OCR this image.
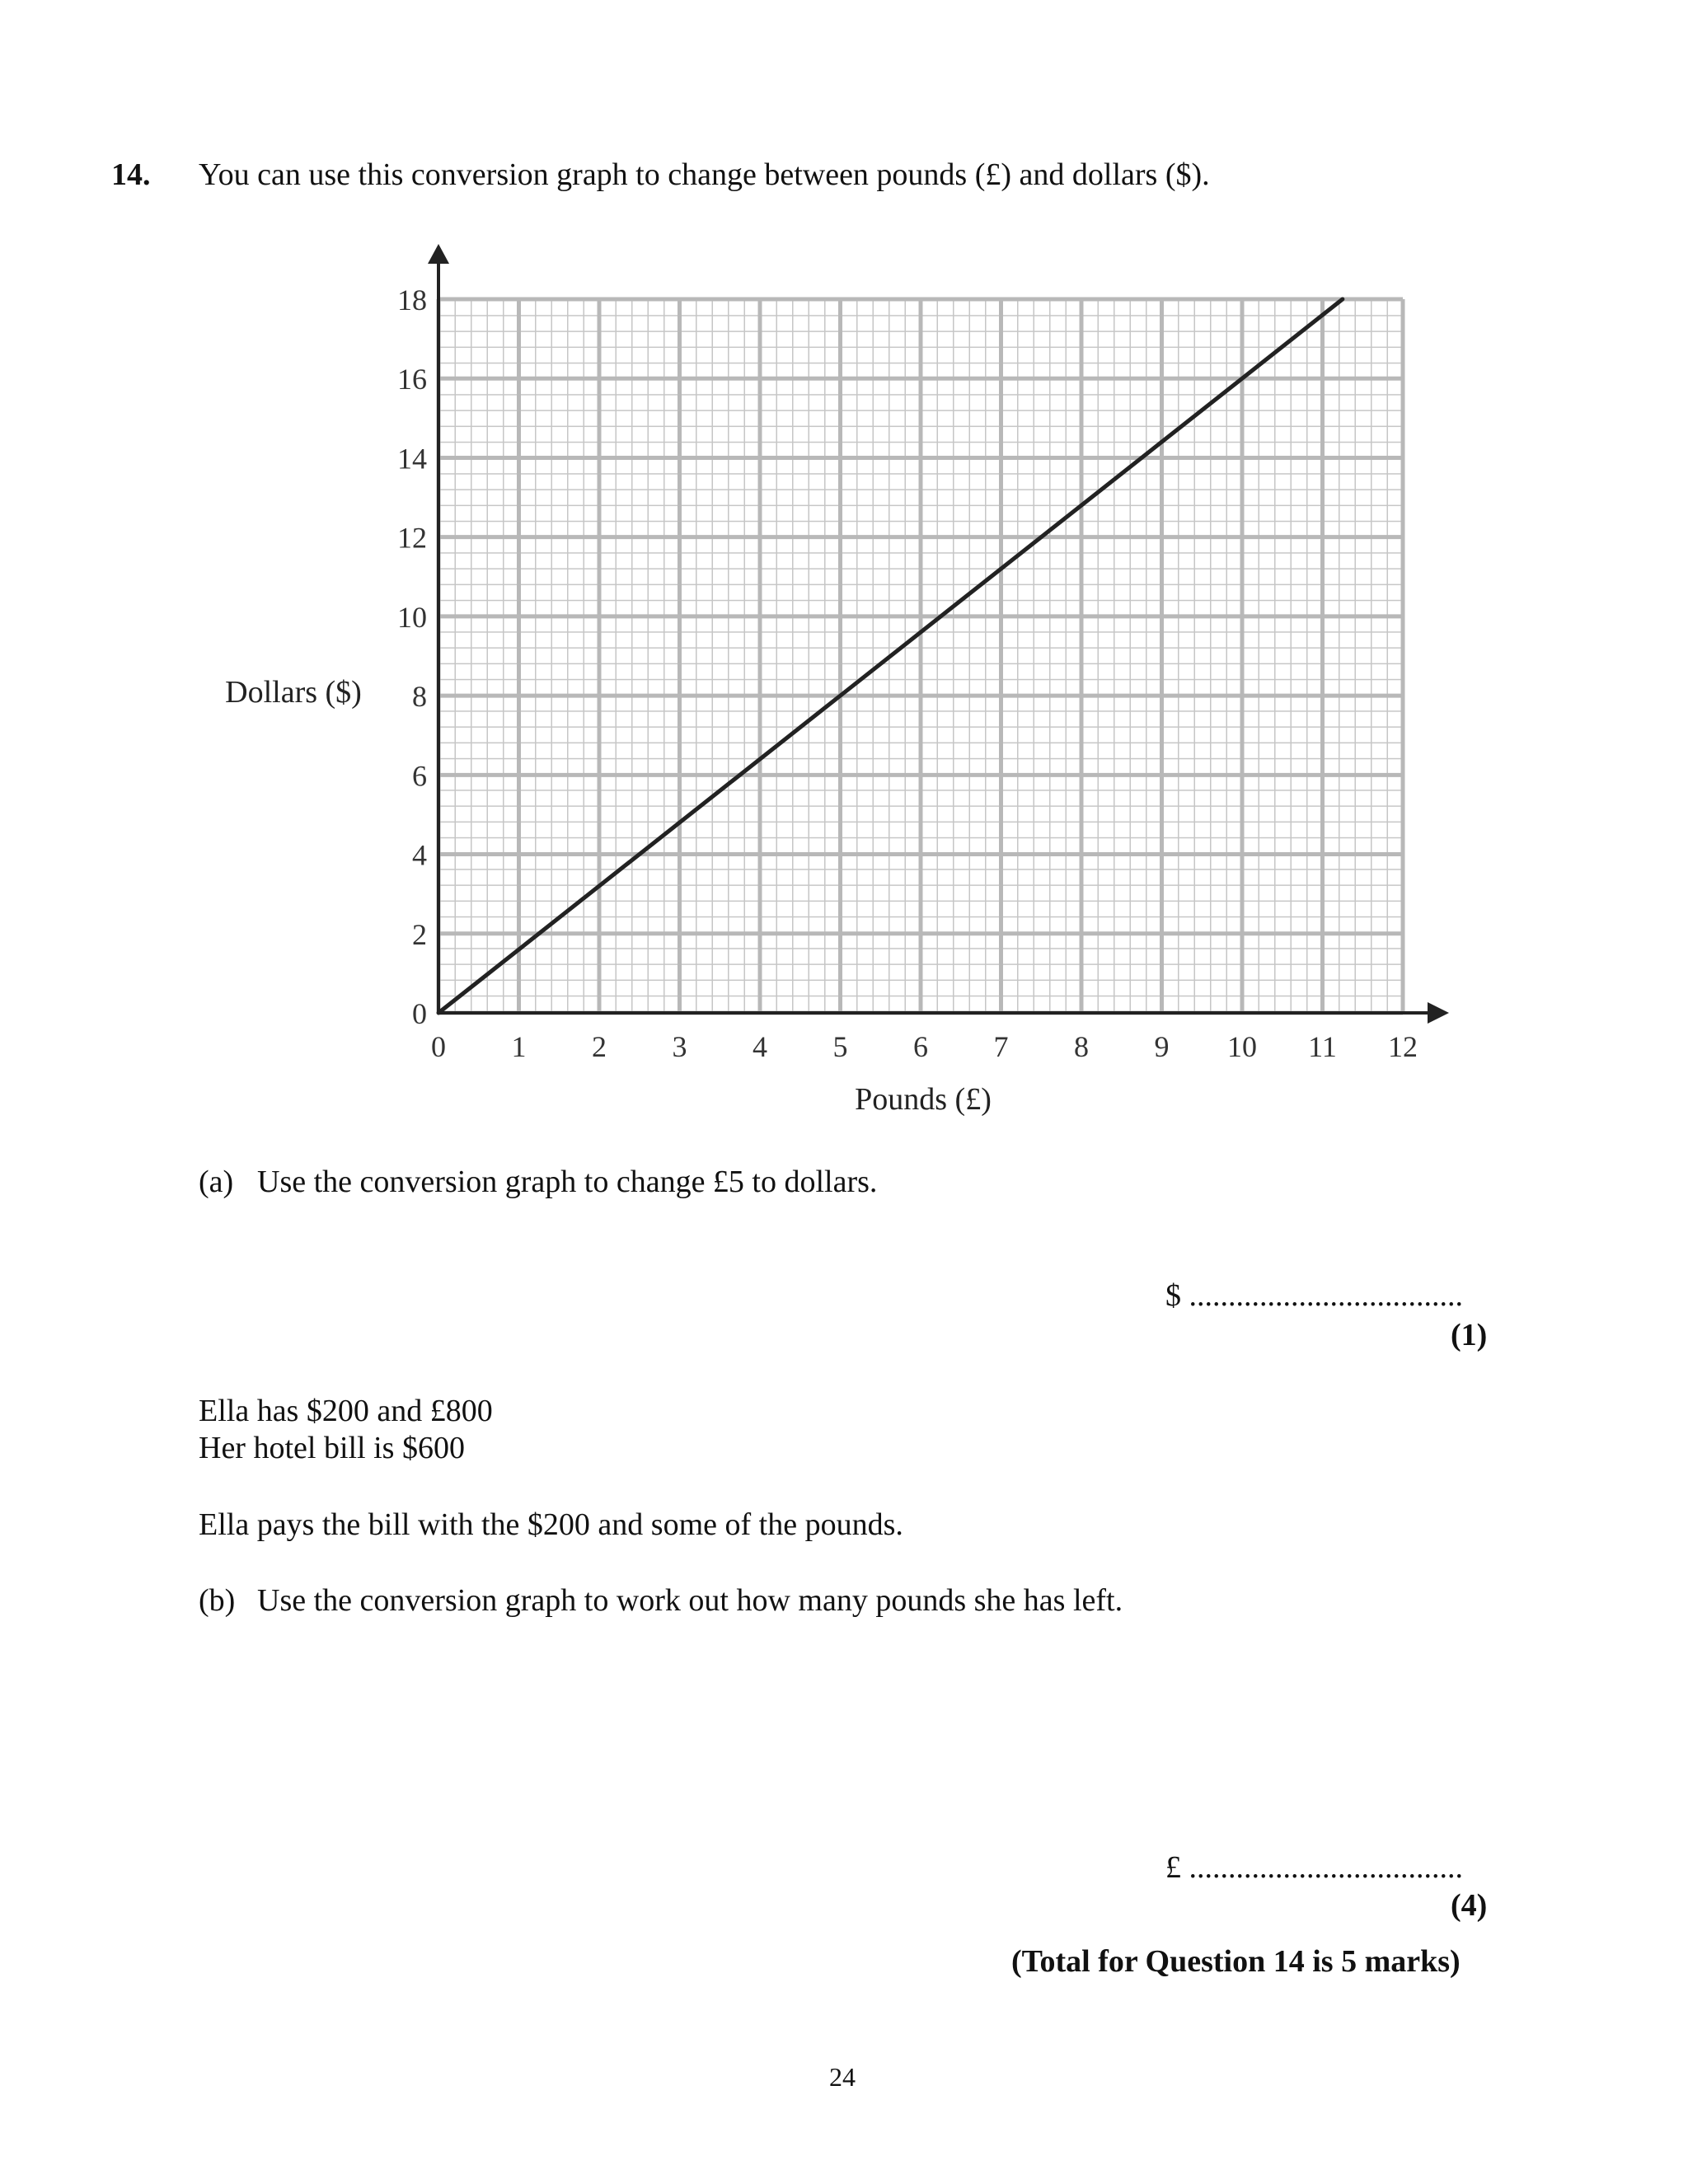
14. You can use this conversion graph to change between pounds (£) and dollars ($).
0 1 2 3 4 5 6 7 8 9 10 11 12
0
2
4
6
8
10
12
14
16
18
Pounds (£)
Dollars ($)
(a) Use the conversion graph to change £5 to dollars.
$ ...................................
(1)
Ella has $200 and £800
Her hotel bill is $600
Ella pays the bill with the $200 and some of the pounds.
(b) Use the conversion graph to work out how many pounds she has left.
£ ...................................
(4)
(Total for Question 14 is 5 marks)
24
